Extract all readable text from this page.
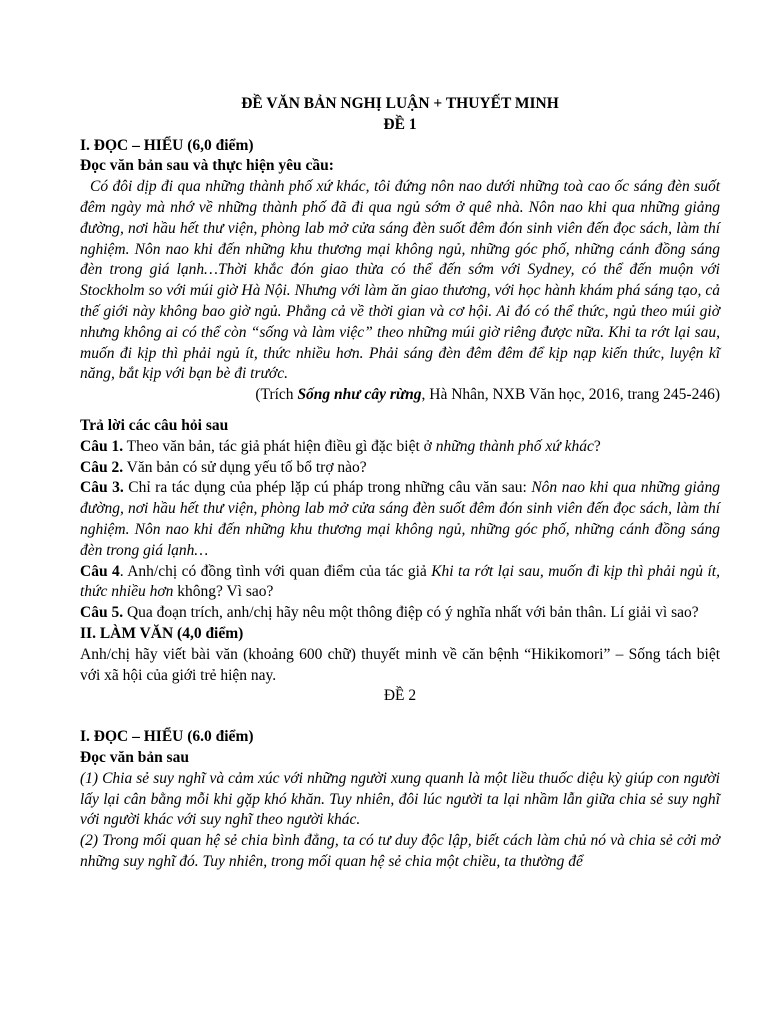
ĐỀ VĂN BẢN NGHỊ LUẬN + THUYẾT MINH

ĐỀ 1

I. ĐỌC – HIỂU (6,0 điểm)

Đọc văn bản sau và thực hiện yêu cầu:

Có đôi dịp đi qua những thành phố xứ khác, tôi đứng nôn nao dưới những toà cao ốc sáng đèn suốt đêm ngày mà nhớ về những thành phố đã đi qua ngủ sớm ở quê nhà. Nôn nao khi qua những giảng đường, nơi hầu hết thư viện, phòng lab mở cửa sáng đèn suốt đêm đón sinh viên đến đọc sách, làm thí nghiệm. Nôn nao khi đến những khu thương mại không ngủ, những góc phố, những cánh đồng sáng đèn trong giá lạnh…Thời khắc đón giao thừa có thể đến sớm với Sydney, có thể đến muộn với Stockholm so với múi giờ Hà Nội. Nhưng với làm ăn giao thương, với học hành khám phá sáng tạo, cả thế giới này không bao giờ ngủ. Phẳng cả về thời gian và cơ hội. Ai đó có thể thức, ngủ theo múi giờ nhưng không ai có thể còn “sống và làm việc” theo những múi giờ riêng được nữa. Khi ta rớt lại sau, muốn đi kịp thì phải ngủ ít, thức nhiều hơn. Phải sáng đèn đêm đêm để kịp nạp kiến thức, luyện kĩ năng, bắt kịp với bạn bè đi trước.

(Trích Sống như cây rừng, Hà Nhân, NXB Văn học, 2016, trang 245-246)

Trả lời các câu hỏi sau

Câu 1. Theo văn bản, tác giả phát hiện điều gì đặc biệt ở những thành phố xứ khác?

Câu 2. Văn bản có sử dụng yếu tố bổ trợ nào?

Câu 3. Chỉ ra tác dụng của phép lặp cú pháp trong những câu văn sau: Nôn nao khi qua những giảng đường, nơi hầu hết thư viện, phòng lab mở cửa sáng đèn suốt đêm đón sinh viên đến đọc sách, làm thí nghiệm. Nôn nao khi đến những khu thương mại không ngủ, những góc phố, những cánh đồng sáng đèn trong giá lạnh…

Câu 4. Anh/chị có đồng tình với quan điểm của tác giả Khi ta rớt lại sau, muốn đi kịp thì phải ngủ ít, thức nhiều hơn không? Vì sao?

Câu 5. Qua đoạn trích, anh/chị hãy nêu một thông điệp có ý nghĩa nhất với bản thân. Lí giải vì sao?

II. LÀM VĂN (4,0 điểm)

Anh/chị hãy viết bài văn (khoảng 600 chữ) thuyết minh về căn bệnh “Hikikomori” – Sống tách biệt với xã hội của giới trẻ hiện nay.

ĐỀ 2

I. ĐỌC – HIỂU (6.0 điểm)

Đọc văn bản sau

(1) Chia sẻ suy nghĩ và cảm xúc với những người xung quanh là một liều thuốc diệu kỳ giúp con người lấy lại cân bằng mỗi khi gặp khó khăn. Tuy nhiên, đôi lúc người ta lại nhầm lẫn giữa chia sẻ suy nghĩ với người khác với suy nghĩ theo người khác.

(2) Trong mối quan hệ sẻ chia bình đẳng, ta có tư duy độc lập, biết cách làm chủ nó và chia sẻ cởi mở những suy nghĩ đó. Tuy nhiên, trong mối quan hệ sẻ chia một chiều, ta thường để
